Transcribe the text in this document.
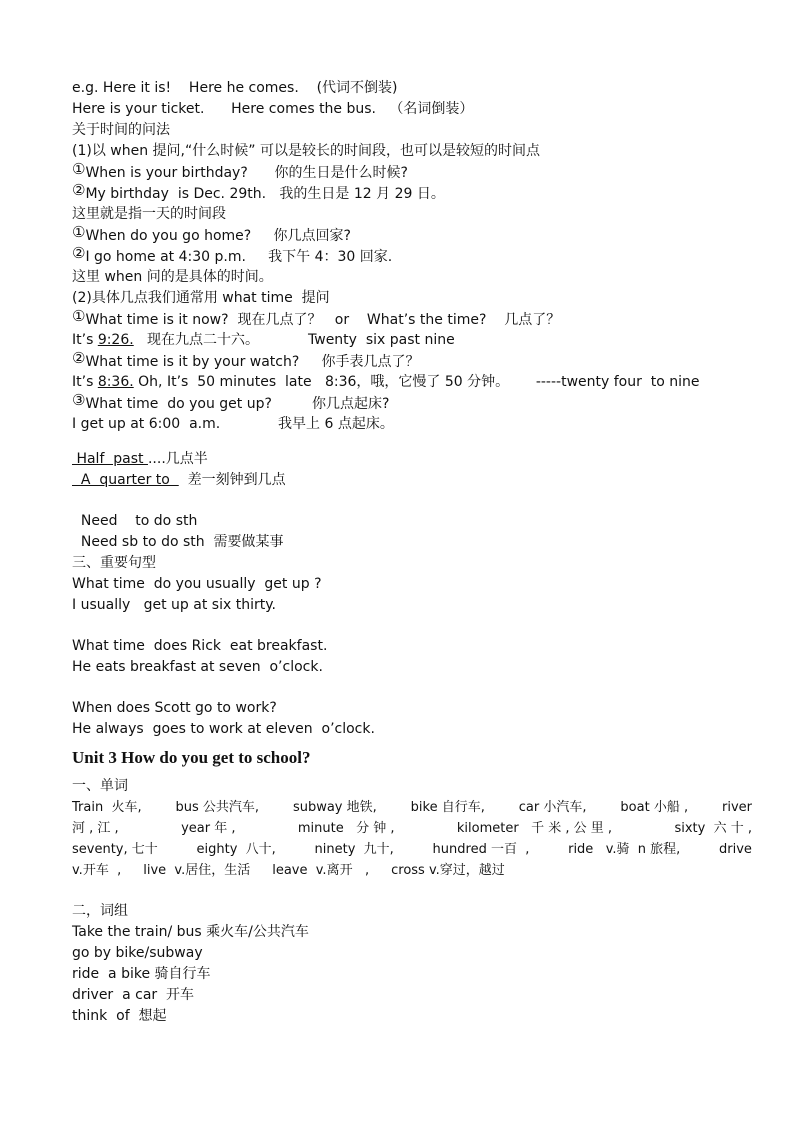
e.g. Here it is!    Here he comes.    (代词不倒装)
Here is your ticket.      Here comes the bus.   （名词倒装）
关于时间的问法
(1)以 when 提问,“什么时候” 可以是较长的时间段，也可以是较短的时间点
①When is your birthday?      你的生日是什么时候?
②My birthday  is Dec. 29th.   我的生日是 12 月 29 日。
这里就是指一天的时间段
①When do you go home?     你几点回家?
②I go home at 4:30 p.m.     我下午 4：30 回家.
这里 when 问的是具体的时间。
(2)具体几点我们通常用 what time  提问
①What time is it now?  现在几点了？   or    What’s the time?    几点了？
It’s 9:26.   现在九点二十六。           Twenty  six past nine
②What time is it by your watch?     你手表几点了？
It’s 8:36. Oh, It’s  50 minutes  late   8:36，哦，它慢了 50 分钟。      -----twenty four  to nine
③What time  do you get up?         你几点起床?
I get up at 6:00  a.m.             我早上 6 点起床。
Half  past ....几点半
A  quarter to    差一刻钟到几点
Need    to do sth
Need sb to do sth  需要做某事
三、重要句型
What time  do you usually  get up ?
I usually   get up at six thirty.
What time  does Rick  eat breakfast.
He eats breakfast at seven  o’clock.
When does Scott go to work?
He always  goes to work at eleven  o’clock.
Unit 3 How do you get to school?
一、单词
Train  火车,	bus 公共汽车,	subway 地铁,	bike 自行车,	car 小汽车,	boat 小船 ,	river
河 , 江 ,	year 年 ,	minute   分 钟 ,	kilometer   千 米 , 公 里 ,	sixty  六 十 ,
seventy, 七十	eighty  八十,	ninety  九十,	hundred 一百  ,	ride   v.骑  n 旅程,	drive
v.开车  , live  v.居住，生活 leave  v.离开   , cross v.穿过，越过
二，词组
Take the train/ bus 乘火车/公共汽车
go by bike/subway
ride  a bike 骑自行车
driver  a car  开车
think  of  想起
